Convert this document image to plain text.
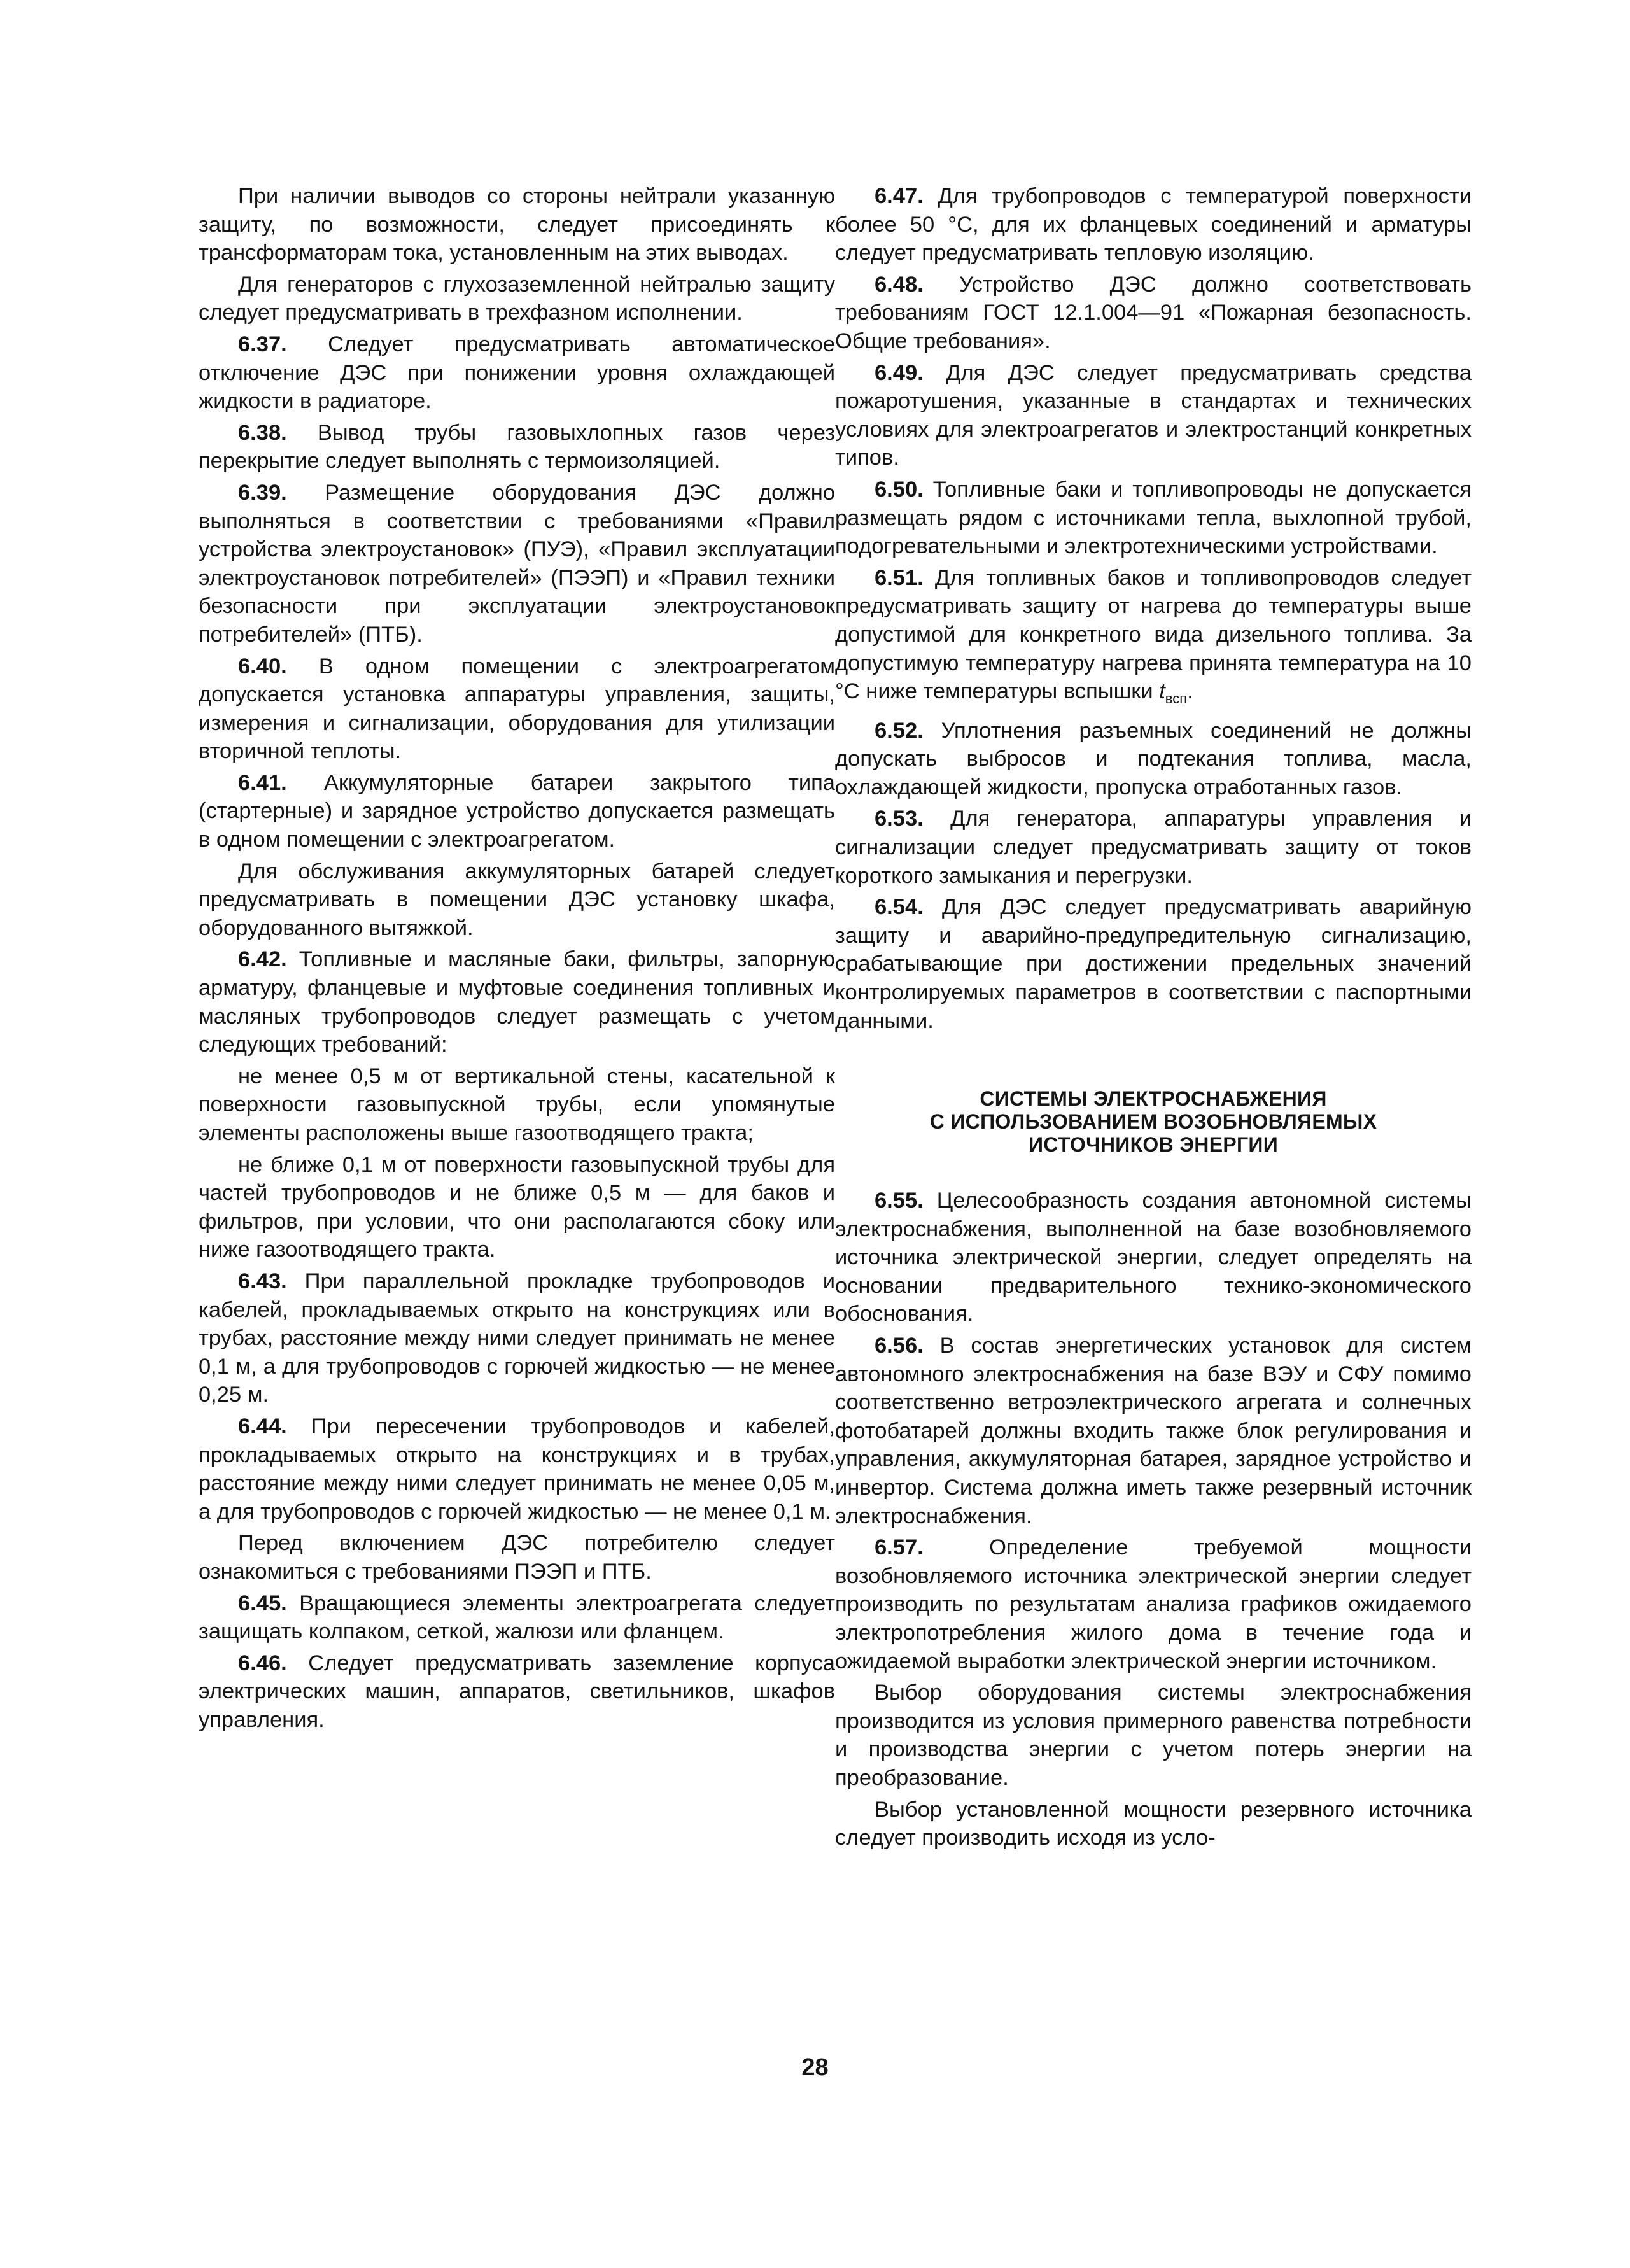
При наличии выводов со стороны нейтрали указанную защиту, по возможности, следует присоединять к трансформаторам тока, установленным на этих выводах.

Для генераторов с глухозаземленной нейтралью защиту следует предусматривать в трехфазном исполнении.

6.37. Следует предусматривать автоматическое отключение ДЭС при понижении уровня охлаждающей жидкости в радиаторе.

6.38. Вывод трубы газовыхлопных газов через перекрытие следует выполнять с термоизоляцией.

6.39. Размещение оборудования ДЭС должно выполняться в соответствии с требованиями «Правил устройства электроустановок» (ПУЭ), «Правил эксплуатации электроустановок потребителей» (ПЭЭП) и «Правил техники безопасности при эксплуатации электроустановок потребителей» (ПТБ).

6.40. В одном помещении с электроагрегатом допускается установка аппаратуры управления, защиты, измерения и сигнализации, оборудования для утилизации вторичной теплоты.

6.41. Аккумуляторные батареи закрытого типа (стартерные) и зарядное устройство допускается размещать в одном помещении с электроагрегатом.

Для обслуживания аккумуляторных батарей следует предусматривать в помещении ДЭС установку шкафа, оборудованного вытяжкой.

6.42. Топливные и масляные баки, фильтры, запорную арматуру, фланцевые и муфтовые соединения топливных и масляных трубопроводов следует размещать с учетом следующих требований:

не менее 0,5 м от вертикальной стены, касательной к поверхности газовыпускной трубы, если упомянутые элементы расположены выше газоотводящего тракта;

не ближе 0,1 м от поверхности газовыпускной трубы для частей трубопроводов и не ближе 0,5 м — для баков и фильтров, при условии, что они располагаются сбоку или ниже газоотводящего тракта.

6.43. При параллельной прокладке трубопроводов и кабелей, прокладываемых открыто на конструкциях или в трубах, расстояние между ними следует принимать не менее 0,1 м, а для трубопроводов с горючей жидкостью — не менее 0,25 м.

6.44. При пересечении трубопроводов и кабелей, прокладываемых открыто на конструкциях и в трубах, расстояние между ними следует принимать не менее 0,05 м, а для трубопроводов с горючей жидкостью — не менее 0,1 м.

Перед включением ДЭС потребителю следует ознакомиться с требованиями ПЭЭП и ПТБ.

6.45. Вращающиеся элементы электроагрегата следует защищать колпаком, сеткой, жалюзи или фланцем.

6.46. Следует предусматривать заземление корпуса электрических машин, аппаратов, светильников, шкафов управления.

6.47. Для трубопроводов с температурой поверхности более 50 °С, для их фланцевых соединений и арматуры следует предусматривать тепловую изоляцию.

6.48. Устройство ДЭС должно соответствовать требованиям ГОСТ 12.1.004—91 «Пожарная безопасность. Общие требования».

6.49. Для ДЭС следует предусматривать средства пожаротушения, указанные в стандартах и технических условиях для электроагрегатов и электростанций конкретных типов.

6.50. Топливные баки и топливопроводы не допускается размещать рядом с источниками тепла, выхлопной трубой, подогревательными и электротехническими устройствами.

6.51. Для топливных баков и топливопроводов следует предусматривать защиту от нагрева до температуры выше допустимой для конкретного вида дизельного топлива. За допустимую температуру нагрева принята температура на 10 °С ниже температуры вспышки $t_{всп}$.

6.52. Уплотнения разъемных соединений не должны допускать выбросов и подтекания топлива, масла, охлаждающей жидкости, пропуска отработанных газов.

6.53. Для генератора, аппаратуры управления и сигнализации следует предусматривать защиту от токов короткого замыкания и перегрузки.

6.54. Для ДЭС следует предусматривать аварийную защиту и аварийно-предупредительную сигнализацию, срабатывающие при достижении предельных значений контролируемых параметров в соответствии с паспортными данными.

СИСТЕМЫ ЭЛЕКТРОСНАБЖЕНИЯ
С ИСПОЛЬЗОВАНИЕМ ВОЗОБНОВЛЯЕМЫХ
ИСТОЧНИКОВ ЭНЕРГИИ

6.55. Целесообразность создания автономной системы электроснабжения, выполненной на базе возобновляемого источника электрической энергии, следует определять на основании предварительного технико-экономического обоснования.

6.56. В состав энергетических установок для систем автономного электроснабжения на базе ВЭУ и СФУ помимо соответственно ветроэлектрического агрегата и солнечных фотобатарей должны входить также блок регулирования и управления, аккумуляторная батарея, зарядное устройство и инвертор. Система должна иметь также резервный источник электроснабжения.

6.57.	Определение требуемой мощности возобновляемого источника электрической энергии следует производить по результатам анализа графиков ожидаемого электропотребления жилого дома в течение года и ожидаемой выработки электрической энергии источником.

Выбор оборудования системы электроснабжения производится из условия примерного равенства потребности и производства энергии с учетом потерь энергии на преобразование.

Выбор установленной мощности резервного источника следует производить исходя из усло-

28
